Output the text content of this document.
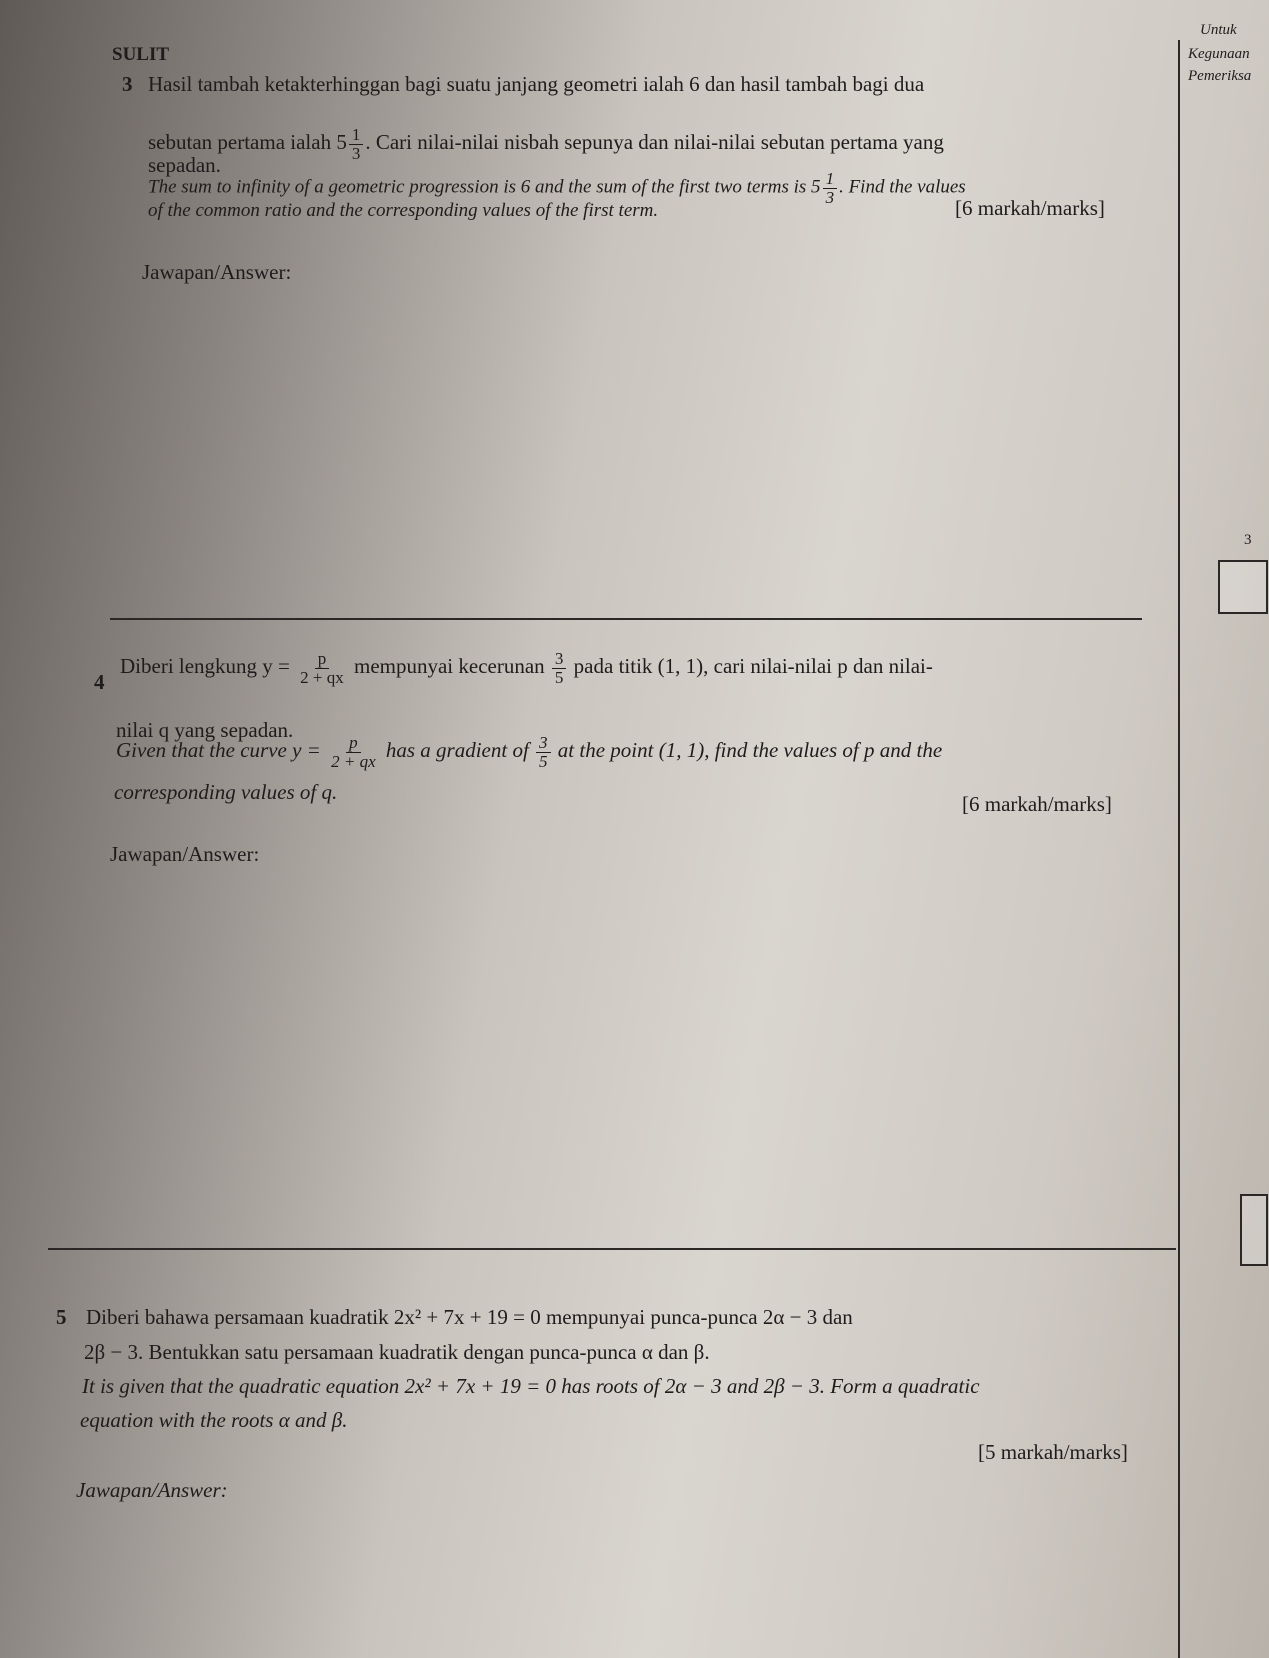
SULIT
Untuk
Kegunaan
Pemeriksa
3 Hasil tambah ketakterhinggan bagi suatu janjang geometri ialah 6 dan hasil tambah bagi dua
sebutan pertama ialah $5 \frac{1}{3}$ . Cari nilai-nilai nisbah sepunya dan nilai-nilai sebutan pertama yang
sepadan.
The sum to infinity of a geometric progression is 6 and the sum of the first two terms is $5 \frac{1}{3}$ . Find the values
of the common ratio and the corresponding values of the first term.	[6 markah/marks]
Jawapan/Answer:
3
4
Diberi lengkung $y = \frac{p}{2 + qx}$ mempunyai kecerunan $\frac{3}{5}$ pada titik (1, 1), cari nilai-nilai p dan nilai-
nilai q yang sepadan.
Given that the curve $y = \frac{p}{2 + qx}$ has a gradient of $\frac{3}{5}$ at the point (1, 1), find the values of p and the
corresponding values of q.	[6 markah/marks]
Jawapan/Answer:
5 Diberi bahawa persamaan kuadratik 2x² + 7x + 19 = 0 mempunyai punca-punca 2α − 3 dan
2β − 3. Bentukkan satu persamaan kuadratik dengan punca-punca α dan β.
It is given that the quadratic equation 2x² + 7x + 19 = 0 has roots of 2α − 3 and 2β − 3. Form a quadratic
equation with the roots α and β.
[5 markah/marks]
Jawapan/Answer:
